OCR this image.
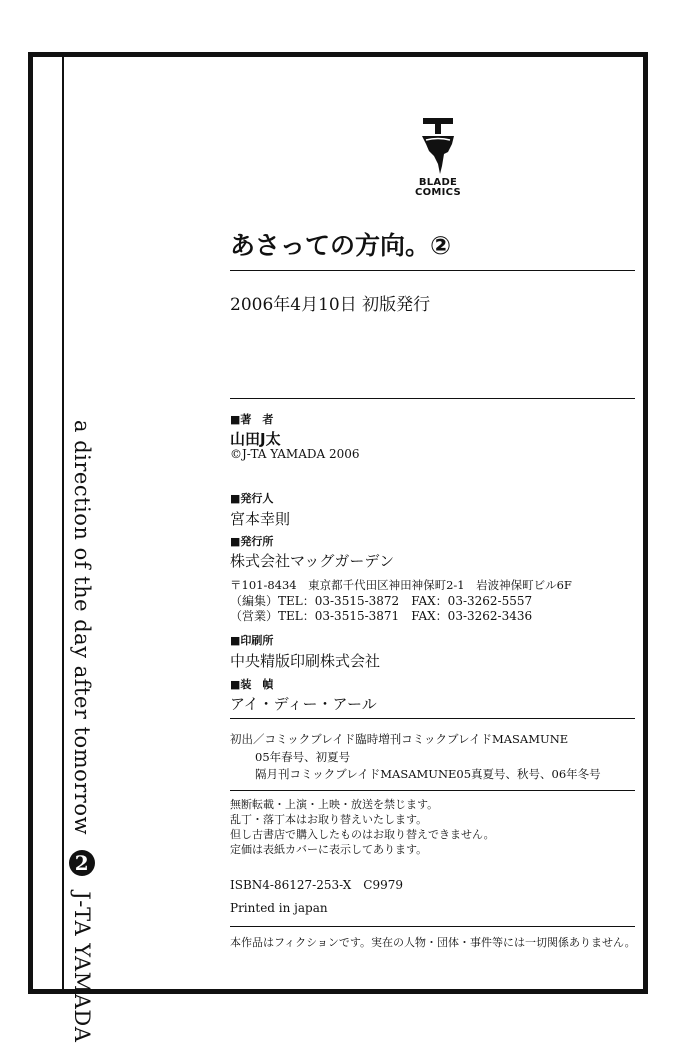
a direction of the day after tomorrow 2 J-TA YAMADA
BLADE
COMICS
あさっての方向。②
2006年4月10日 初版発行
■著　者
山田J太
©J-TA YAMADA 2006
■発行人
宮本幸則
■発行所
株式会社マッグガーデン
〒101-8434　東京都千代田区神田神保町2-1　岩波神保町ビル6F
（編集）TEL：03-3515-3872　FAX：03-3262-5557
（営業）TEL：03-3515-3871　FAX：03-3262-3436
■印刷所
中央精版印刷株式会社
■装　幀
アイ・ディー・アール
初出／コミックブレイド臨時増刊コミックブレイドMASAMUNE
05年春号、初夏号
隔月刊コミックブレイドMASAMUNE05真夏号、秋号、06年冬号
無断転載・上演・上映・放送を禁じます。
乱丁・落丁本はお取り替えいたします。
但し古書店で購入したものはお取り替えできません。
定価は表紙カバーに表示してあります。
ISBN4-86127-253-X　C9979
Printed in japan
本作品はフィクションです。実在の人物・団体・事件等には一切関係ありません。
